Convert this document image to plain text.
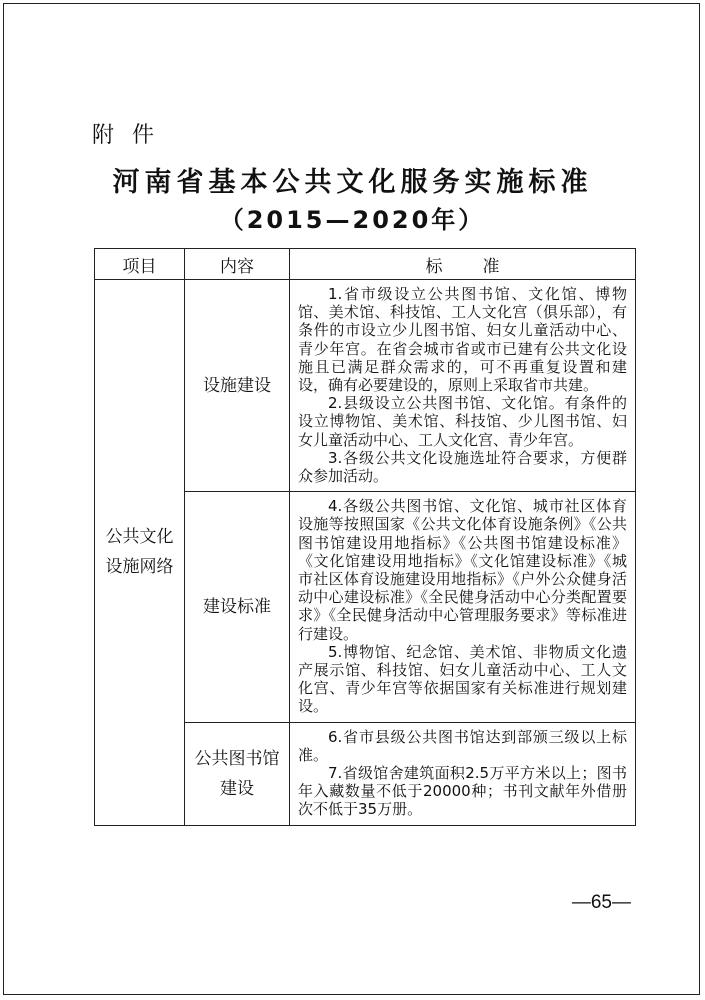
附件
河南省基本公共文化服务实施标准
（2015—2020年）
项目	内容	标准

公共文化设施网络	设施建设	1.省市级设立公共图书馆、文化馆、博物馆、美术馆、科技馆、工人文化宫（俱乐部），有条件的市设立少儿图书馆、妇女儿童活动中心、青少年宫。在省会城市省或市已建有公共文化设施且已满足群众需求的，可不再重复设置和建设，确有必要建设的，原则上采取省市共建。

2.县级设立公共图书馆、文化馆。有条件的设立博物馆、美术馆、科技馆、少儿图书馆、妇女儿童活动中心、工人文化宫、青少年宫。

3.各级公共文化设施选址符合要求，方便群众参加活动。

	建设标准	4.各级公共图书馆、文化馆、城市社区体育设施等按照国家《公共文化体育设施条例》《公共图书馆建设用地指标》《公共图书馆建设标准》《文化馆建设用地指标》《文化馆建设标准》《城市社区体育设施建设用地指标》《户外公众健身活动中心建设标准》《全民健身活动中心分类配置要求》《全民健身活动中心管理服务要求》等标准进行建设。

5.博物馆、纪念馆、美术馆、非物质文化遗产展示馆、科技馆、妇女儿童活动中心、工人文化宫、青少年宫等依据国家有关标准进行规划建设。

	公共图书馆建设	6.省市县级公共图书馆达到部颁三级以上标准。

7.省级馆舍建筑面积2.5万平方米以上；图书年入藏数量不低于20000种；书刊文献年外借册次不低于35万册。

—65—
